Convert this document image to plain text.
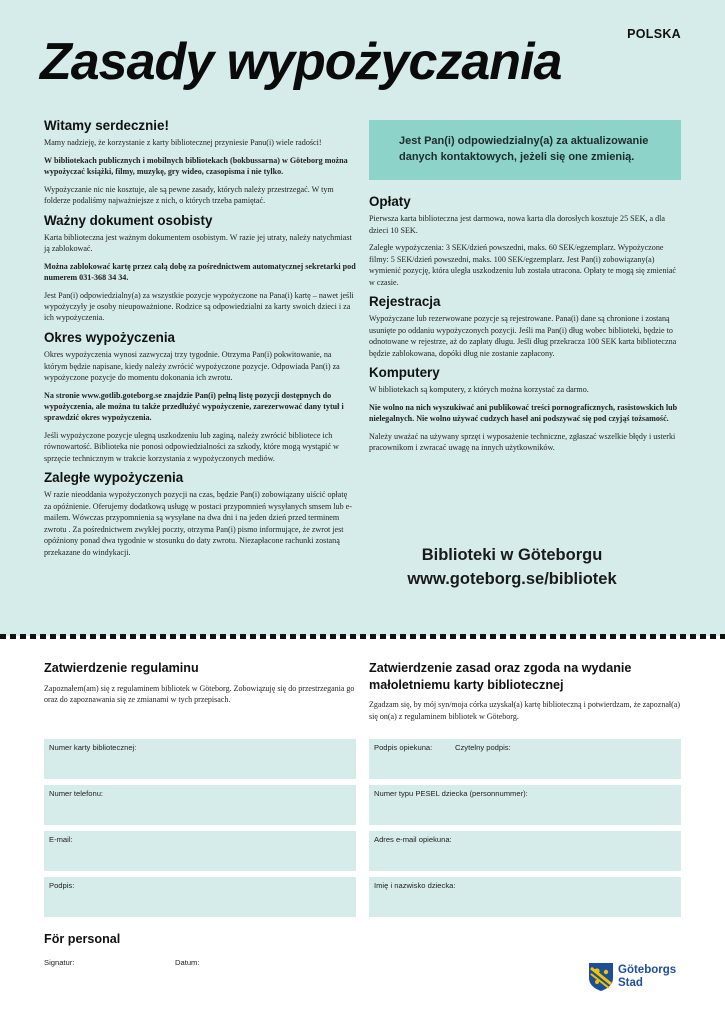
POLSKA
Zasady wypożyczania
Witamy serdecznie!

Mamy nadzieję, że korzystanie z karty bibliotecznej przyniesie Panu(i) wiele radości!

W bibliotekach publicznych i mobilnych bibliotekach (bokbussarna) w Göteborg można wypożyczać książki, filmy, muzykę, gry wideo, czasopisma i nie tylko.

Wypożyczanie nic nie kosztuje, ale są pewne zasady, których należy przestrzegać. W tym folderze podaliśmy najważniejsze z nich, o których trzeba pamiętać.

Ważny dokument osobisty

Karta biblioteczna jest ważnym dokumentem osobistym. W razie jej utraty, należy natychmiast ją zablokować.

Można zablokować kartę przez całą dobę za pośrednictwem automatycznej sekretarki pod numerem 031-368 34 34.

Jest Pan(i) odpowiedzialny(a) za wszystkie pozycje wypożyczone na Pana(i) kartę – nawet jeśli wypożyczyły je osoby nieupoważnione. Rodzice są odpowiedzialni za karty swoich dzieci i za ich wypożyczenia.

Okres wypożyczenia

Okres wypożyczenia wynosi zazwyczaj trzy tygodnie. Otrzyma Pan(i) pokwitowanie, na którym będzie napisane, kiedy należy zwrócić wypożyczone pozycje. Odpowiada Pan(i) za wypożyczone pozycje do momentu dokonania ich zwrotu.

Na stronie www.gotlib.goteborg.se znajdzie Pan(i) pełną listę pozycji dostępnych do wypożyczenia, ale można tu także przedłużyć wypożyczenie, zarezerwować dany tytuł i sprawdzić okres wypożyczenia.

Jeśli wypożyczone pozycje ulegną uszkodzeniu lub zaginą, należy zwrócić bibliotece ich równowartość. Biblioteka nie ponosi odpowiedzialności za szkody, które mogą wystąpić w sprzęcie technicznym w trakcie korzystania z wypożyczonych mediów.

Zaległe wypożyczenia

W razie nieoddania wypożyczonych pozycji na czas, będzie Pan(i) zobowiązany uiścić opłatę za opóźnienie. Oferujemy dodatkową usługę w postaci przypomnień wysyłanych smsem lub e-mailem. Wówczas przypomnienia są wysyłane na dwa dni i na jeden dzień przed terminem zwrotu . Za pośrednictwem zwykłej poczty, otrzyma Pan(i) pismo informujące, że zwrot jest opóźniony ponad dwa tygodnie w stosunku do daty zwrotu. Niezapłacone rachunki zostaną przekazane do windykacji.

Jest Pan(i) odpowiedzialny(a) za aktualizowanie danych kontaktowych, jeżeli się one zmienią.
Opłaty

Pierwsza karta biblioteczna jest darmowa, nowa karta dla dorosłych kosztuje 25 SEK, a dla dzieci 10 SEK.

Zaległe wypożyczenia: 3 SEK/dzień powszedni, maks. 60 SEK/egzemplarz. Wypożyczone filmy: 5 SEK/dzień powszedni, maks. 100 SEK/egzemplarz. Jest Pan(i) zobowiązany(a) wymienić pozycję, która uległa uszkodzeniu lub została utracona. Opłaty te mogą się zmieniać w czasie.

Rejestracja

Wypożyczane lub rezerwowane pozycje są rejestrowane. Pana(i) dane są chronione i zostaną usunięte po oddaniu wypożyczonych pozycji. Jeśli ma Pan(i) dług wobec biblioteki, będzie to odnotowane w rejestrze, aż do zapłaty długu. Jeśli dług przekracza 100 SEK karta biblioteczna będzie zablokowana, dopóki dług nie zostanie zapłacony.

Komputery

W bibliotekach są komputery, z których można korzystać za darmo.

Nie wolno na nich wyszukiwać ani publikować treści pornograficznych, rasistowskich lub nielegalnych. Nie wolno używać cudzych haseł ani podszywać się pod czyjąś tożsamość.

Należy uważać na używany sprzęt i wyposażenie techniczne, zgłaszać wszelkie błędy i usterki pracownikom i zwracać uwagę na innych użytkowników.

Biblioteki w Göteborgu
www.goteborg.se/bibliotek
Zatwierdzenie regulaminu

Zapoznałem(am) się z regulaminem bibliotek w Göteborg. Zobowiązuję się do przestrzegania go oraz do zapoznawania się ze zmianami w tych przepisach.

Numer karty bibliotecznej:
Numer telefonu:
E-mail:
Podpis:
Zatwierdzenie zasad oraz zgoda na wydanie małoletniemu karty bibliotecznej

Zgadzam się, by mój syn/moja córka uzyskał(a) kartę biblioteczną i potwierdzam, że zapoznał(a) się on(a) z regulaminem bibliotek w Göteborg.

Podpis opiekuna:	Czytelny podpis:
Numer typu PESEL dziecka (personnummer):
Adres e-mail opiekuna:
Imię i nazwisko dziecka:
För personal
Signatur:	Datum:
Göteborgs
Stad
